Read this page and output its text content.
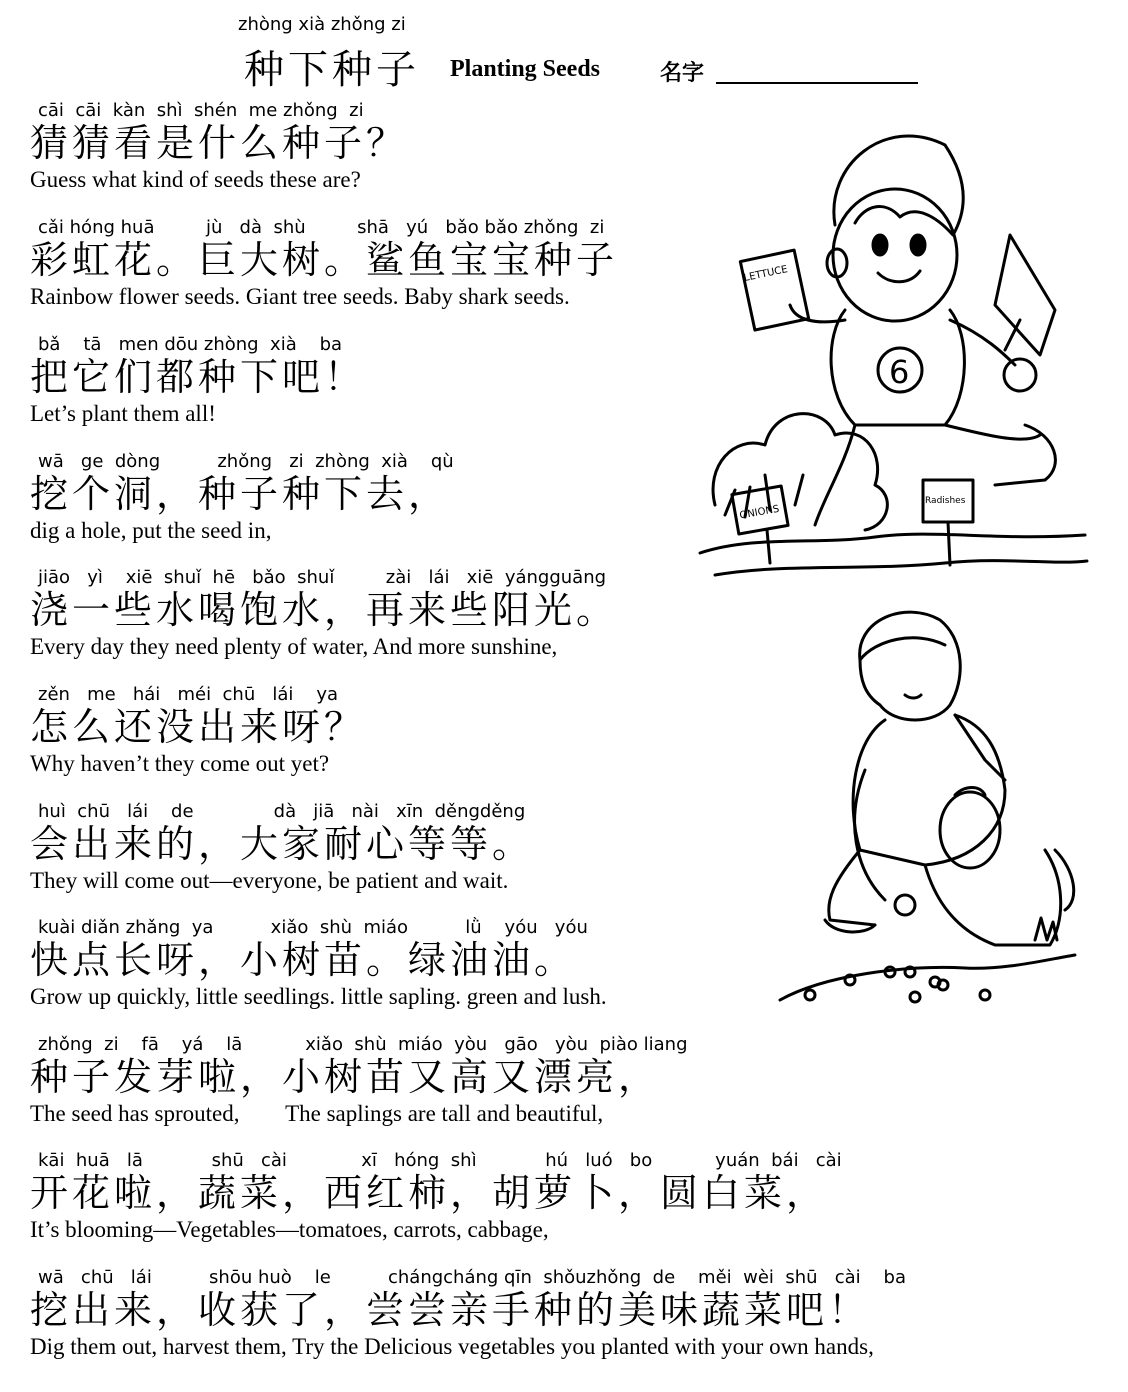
zhòng xià zhǒng zi
种下种子 Planting Seeds	名字
cāi  cāi  kàn  shì  shén  me zhǒng  zi
猜猜看是什么种子？
Guess what kind of seeds these are?
cǎi hóng huā         jù   dà  shù         shā   yú   bǎo bǎo zhǒng  zi
彩虹花。巨大树。鲨鱼宝宝种子
Rainbow flower seeds. Giant tree seeds. Baby shark seeds.
bǎ    tā   men dōu zhòng  xià    ba
把它们都种下吧！
Let’s plant them all!
wā   ge  dòng          zhǒng   zi  zhòng  xià    qù
挖个洞，种子种下去，
dig a hole, put the seed in,
jiāo   yì    xiē  shuǐ  hē   bǎo  shuǐ         zài   lái   xiē  yángguāng
浇一些水喝饱水，再来些阳光。
Every day they need plenty of water, And more sunshine,
zěn   me   hái   méi  chū   lái    ya
怎么还没出来呀？
Why haven’t they come out yet?
huì  chū   lái    de              dà   jiā   nài   xīn  děngděng
会出来的，大家耐心等等。
They will come out—everyone, be patient and wait.
kuài diǎn zhǎng  ya          xiǎo  shù  miáo          lǜ    yóu   yóu
快点长呀，小树苗。绿油油。
Grow up quickly, little seedlings. little sapling. green and lush.
zhǒng  zi    fā    yá    lā           xiǎo  shù  miáo  yòu   gāo   yòu  piào liang
种子发芽啦，小树苗又高又漂亮，
The seed has sprouted,        The saplings are tall and beautiful,
kāi  huā   lā            shū   cài             xī   hóng  shì            hú   luó   bo           yuán  bái   cài
开花啦，蔬菜，西红柿，胡萝卜，圆白菜，
It’s blooming—Vegetables—tomatoes, carrots, cabbage,
wā   chū   lái          shōu huò    le          chángcháng qīn  shǒuzhǒng  de    měi  wèi  shū   cài    ba
挖出来，收获了，尝尝亲手种的美味蔬菜吧！
Dig them out, harvest them, Try the Delicious vegetables you planted with your own hands,
6
LETTUCE
ONIONS
Radishes
